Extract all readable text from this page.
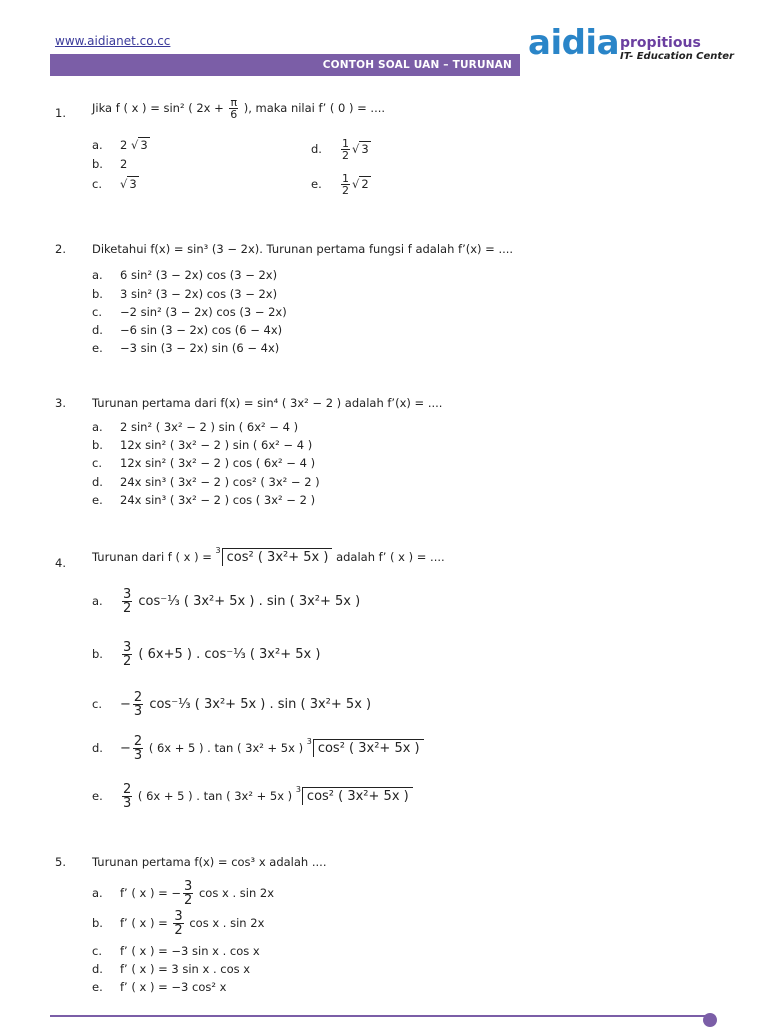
www.aidianet.co.cc
CONTOH SOAL UAN – TURUNAN
aidia propitious
IT- Education Center
1. Jika f ( x ) = sin² ( $2x + \frac{\pi}{6}$ ), maka nilai f’ ( 0 ) = ....
a. 2 √ 3
b. 2
c. √ 3
d. $\frac{1}{2}$ √ 3
e. $\frac{1}{2}$ √ 2
2. Diketahui f(x) = sin³ (3 − 2x). Turunan pertama fungsi f adalah f’(x) = ....
a. 6 sin² (3 − 2x) cos (3 − 2x)
b. 3 sin² (3 − 2x) cos (3 − 2x)
c. −2 sin² (3 − 2x) cos (3 − 2x)
d. −6 sin (3 − 2x) cos (6 − 4x)
e. −3 sin (3 − 2x) sin (6 − 4x)
3. Turunan pertama dari f(x) = sin⁴ ( 3x² − 2 ) adalah f’(x) = ....
a. 2 sin² ( 3x² − 2 ) sin ( 6x² − 4 )
b. 12x sin² ( 3x² − 2 ) sin ( 6x² − 4 )
c. 12x sin² ( 3x² − 2 ) cos ( 6x² − 4 )
d. 24x sin³ ( 3x² − 2 ) cos² ( 3x² − 2 )
e. 24x sin³ ( 3x² − 2 ) cos ( 3x² − 2 )
4. Turunan dari f ( x ) = $^3$ cos² ( 3x²+ 5x ) adalah f’ ( x ) = ....
a. $\frac{3}{2}$ cos⁻⅓ ( 3x²+ 5x ) . sin ( 3x²+ 5x )
b. $\frac{3}{2}$ ( 6x+5 ) . cos⁻⅓ ( 3x²+ 5x )
c. − $\frac{2}{3}$ cos⁻⅓ ( 3x²+ 5x ) . sin ( 3x²+ 5x )
d. − $\frac{2}{3}$ ( 6x + 5 ) . tan ( 3x² + 5x ) $^3$ cos² ( 3x²+ 5x )
e. $\frac{2}{3}$ ( 6x + 5 ) . tan ( 3x² + 5x ) $^3$ cos² ( 3x²+ 5x )
5. Turunan pertama f(x) = cos³ x adalah ....
a. f’ ( x ) = − $\frac{3}{2}$ cos x . sin 2x
b. f’ ( x ) = $\frac{3}{2}$ cos x . sin 2x
c. f’ ( x ) = −3 sin x . cos x
d. f’ ( x ) = 3 sin x . cos x
e. f’ ( x ) = −3 cos² x
